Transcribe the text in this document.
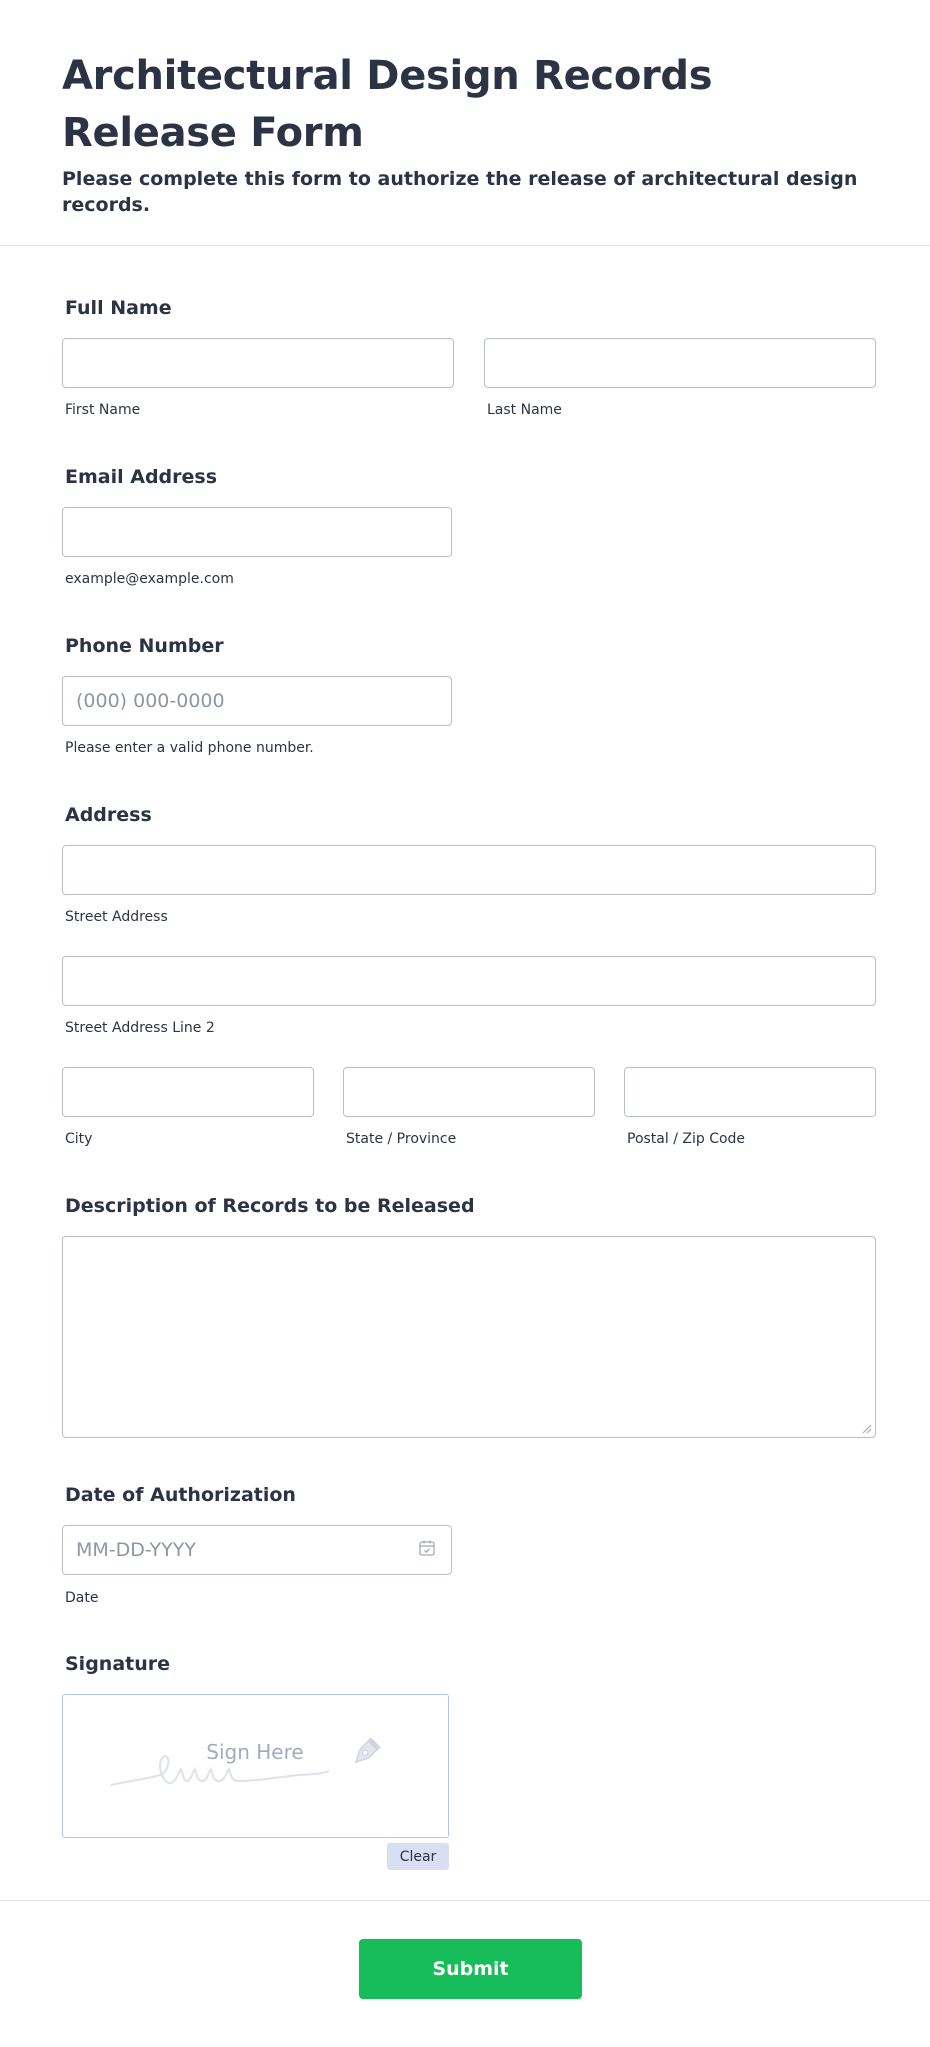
Architectural Design Records Release Form

Please complete this form to authorize the release of architectural design records.

Full Name
First Name	Last Name
Email Address
example@example.com
Phone Number
(000) 000-0000
Please enter a valid phone number.
Address
Street Address
Street Address Line 2
City	State / Province	Postal / Zip Code
Description of Records to be Released
Date of Authorization
MM-DD-YYYY
Date
Signature
Sign Here
Clear
Submit
